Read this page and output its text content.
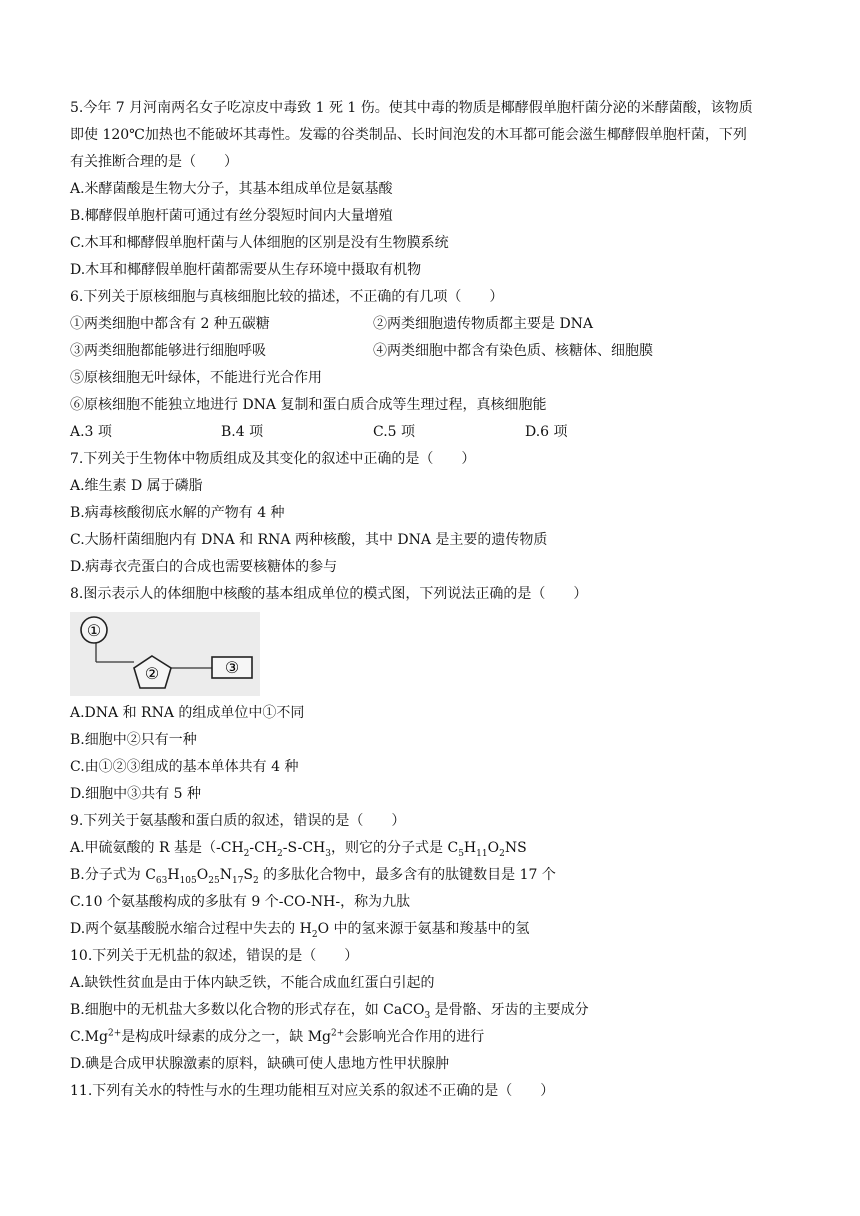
5.今年 7 月河南两名女子吃凉皮中毒致 1 死 1 伤。使其中毒的物质是椰酵假单胞杆菌分泌的米酵菌酸，该物质
即使 120℃加热也不能破坏其毒性。发霉的谷类制品、长时间泡发的木耳都可能会滋生椰酵假单胞杆菌，下列
有关推断合理的是（　　）
A.米酵菌酸是生物大分子，其基本组成单位是氨基酸
B.椰酵假单胞杆菌可通过有丝分裂短时间内大量增殖
C.木耳和椰酵假单胞杆菌与人体细胞的区别是没有生物膜系统
D.木耳和椰酵假单胞杆菌都需要从生存环境中摄取有机物
6.下列关于原核细胞与真核细胞比较的描述，不正确的有几项（　　）
①两类细胞中都含有 2 种五碳糖	②两类细胞遗传物质都主要是 DNA
③两类细胞都能够进行细胞呼吸	④两类细胞中都含有染色质、核糖体、细胞膜
⑤原核细胞无叶绿体，不能进行光合作用
⑥原核细胞不能独立地进行 DNA 复制和蛋白质合成等生理过程，真核细胞能
A.3 项	B.4 项	C.5 项	D.6 项
7.下列关于生物体中物质组成及其变化的叙述中正确的是（　　）
A.维生素 D 属于磷脂
B.病毒核酸彻底水解的产物有 4 种
C.大肠杆菌细胞内有 DNA 和 RNA 两种核酸，其中 DNA 是主要的遗传物质
D.病毒衣壳蛋白的合成也需要核糖体的参与
8.图示表示人的体细胞中核酸的基本组成单位的模式图，下列说法正确的是（　　）
①
②	③
A.DNA 和 RNA 的组成单位中①不同
B.细胞中②只有一种
C.由①②③组成的基本单体共有 4 种
D.细胞中③共有 5 种
9.下列关于氨基酸和蛋白质的叙述，错误的是（　　）
A.甲硫氨酸的 R 基是（$-CH_2-CH_2-S-CH_3$，则它的分子式是 $C_5H_{11}O_2NS$
B.分子式为 $C_{63}H_{105}O_{25}N_{17}S_2$ 的多肽化合物中，最多含有的肽键数目是 17 个
C.10 个氨基酸构成的多肽有 9 个-CO-NH-，称为九肽
D.两个氨基酸脱水缩合过程中失去的 $H_2O$ 中的氢来源于氨基和羧基中的氢
10.下列关于无机盐的叙述，错误的是（　　）
A.缺铁性贫血是由于体内缺乏铁，不能合成血红蛋白引起的
B.细胞中的无机盐大多数以化合物的形式存在，如 CaCO$_3$ 是骨骼、牙齿的主要成分
$C.Mg^{2+}$是构成叶绿素的成分之一，缺 $Mg^{2+}$会影响光合作用的进行
D.碘是合成甲状腺激素的原料，缺碘可使人患地方性甲状腺肿
11.下列有关水的特性与水的生理功能相互对应关系的叙述不正确的是（　　）
